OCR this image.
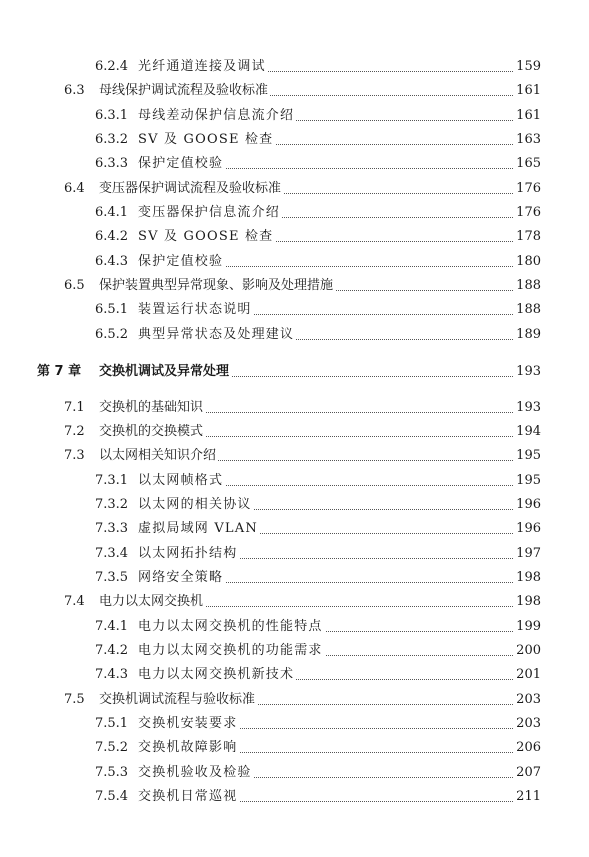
6.2.4 光纤通道连接及调试	159
6.3 母线保护调试流程及验收标准	161
6.3.1 母线差动保护信息流介绍	161
6.3.2 SV 及 GOOSE 检查	163
6.3.3 保护定值校验	165
6.4 变压器保护调试流程及验收标准	176
6.4.1 变压器保护信息流介绍	176
6.4.2 SV 及 GOOSE 检查	178
6.4.3 保护定值校验	180
6.5 保护装置典型异常现象、影响及处理措施	188
6.5.1 装置运行状态说明	188
6.5.2 典型异常状态及处理建议	189
第 7 章 交换机调试及异常处理	193
7.1 交换机的基础知识	193
7.2 交换机的交换模式	194
7.3 以太网相关知识介绍	195
7.3.1 以太网帧格式	195
7.3.2 以太网的相关协议	196
7.3.3 虚拟局域网 VLAN	196
7.3.4 以太网拓扑结构	197
7.3.5 网络安全策略	198
7.4 电力以太网交换机	198
7.4.1 电力以太网交换机的性能特点	199
7.4.2 电力以太网交换机的功能需求	200
7.4.3 电力以太网交换机新技术	201
7.5 交换机调试流程与验收标准	203
7.5.1 交换机安装要求	203
7.5.2 交换机故障影响	206
7.5.3 交换机验收及检验	207
7.5.4 交换机日常巡视	211
